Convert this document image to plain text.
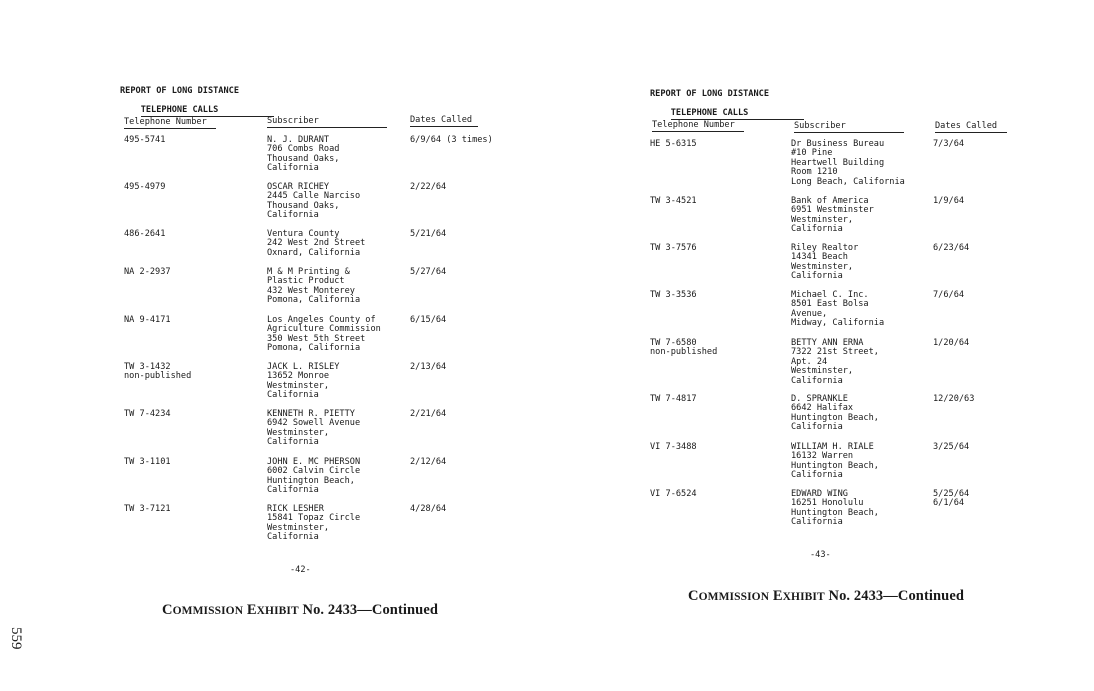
REPORT OF LONG DISTANCE

TELEPHONE CALLS

Telephone Number	Subscriber	Dates Called
495-5741	N. J. DURANT
706 Combs Road
Thousand Oaks,
California
6/9/64 (3 times)
495-4979	OSCAR RICHEY
2445 Calle Narciso
Thousand Oaks,
California
2/22/64
486-2641	Ventura County
242 West 2nd Street
Oxnard, California
5/21/64
NA 2-2937	M & M Printing &
Plastic Product
432 West Monterey
Pomona, California
5/27/64
NA 9-4171	Los Angeles County of
Agriculture Commission
350 West 5th Street
Pomona, California
6/15/64
TW 3-1432
non-published
JACK L. RISLEY
13652 Monroe
Westminster,
California
2/13/64
TW 7-4234	KENNETH R. PIETTY
6942 Sowell Avenue
Westminster,
California
2/21/64
TW 3-1101	JOHN E. MC PHERSON
6002 Calvin Circle
Huntington Beach,
California
2/12/64
TW 3-7121	RICK LESHER
15841 Topaz Circle
Westminster,
California
4/28/64
-42-
COMMISSION EXHIBIT No. 2433—Continued

REPORT OF LONG DISTANCE

TELEPHONE CALLS

Telephone Number	Subscriber	Dates Called
HE 5-6315	Dr Business Bureau
#10 Pine
Heartwell Building
Room 1210
Long Beach, California
7/3/64
TW 3-4521	Bank of America
6951 Westminster
Westminster,
California
1/9/64
TW 3-7576	Riley Realtor
14341 Beach
Westminster,
California
6/23/64
TW 3-3536	Michael C. Inc.
8501 East Bolsa
Avenue,
Midway, California
7/6/64
TW 7-6580
non-published
BETTY ANN ERNA
7322 21st Street,
Apt. 24
Westminster,
California
1/20/64
TW 7-4817	D. SPRANKLE
6642 Halifax
Huntington Beach,
California
12/20/63
VI 7-3488	WILLIAM H. RIALE
16132 Warren
Huntington Beach,
California
3/25/64
VI 7-6524	EDWARD WING
16251 Honolulu
Huntington Beach,
California
5/25/64
6/1/64
-43-
COMMISSION EXHIBIT No. 2433—Continued
559
